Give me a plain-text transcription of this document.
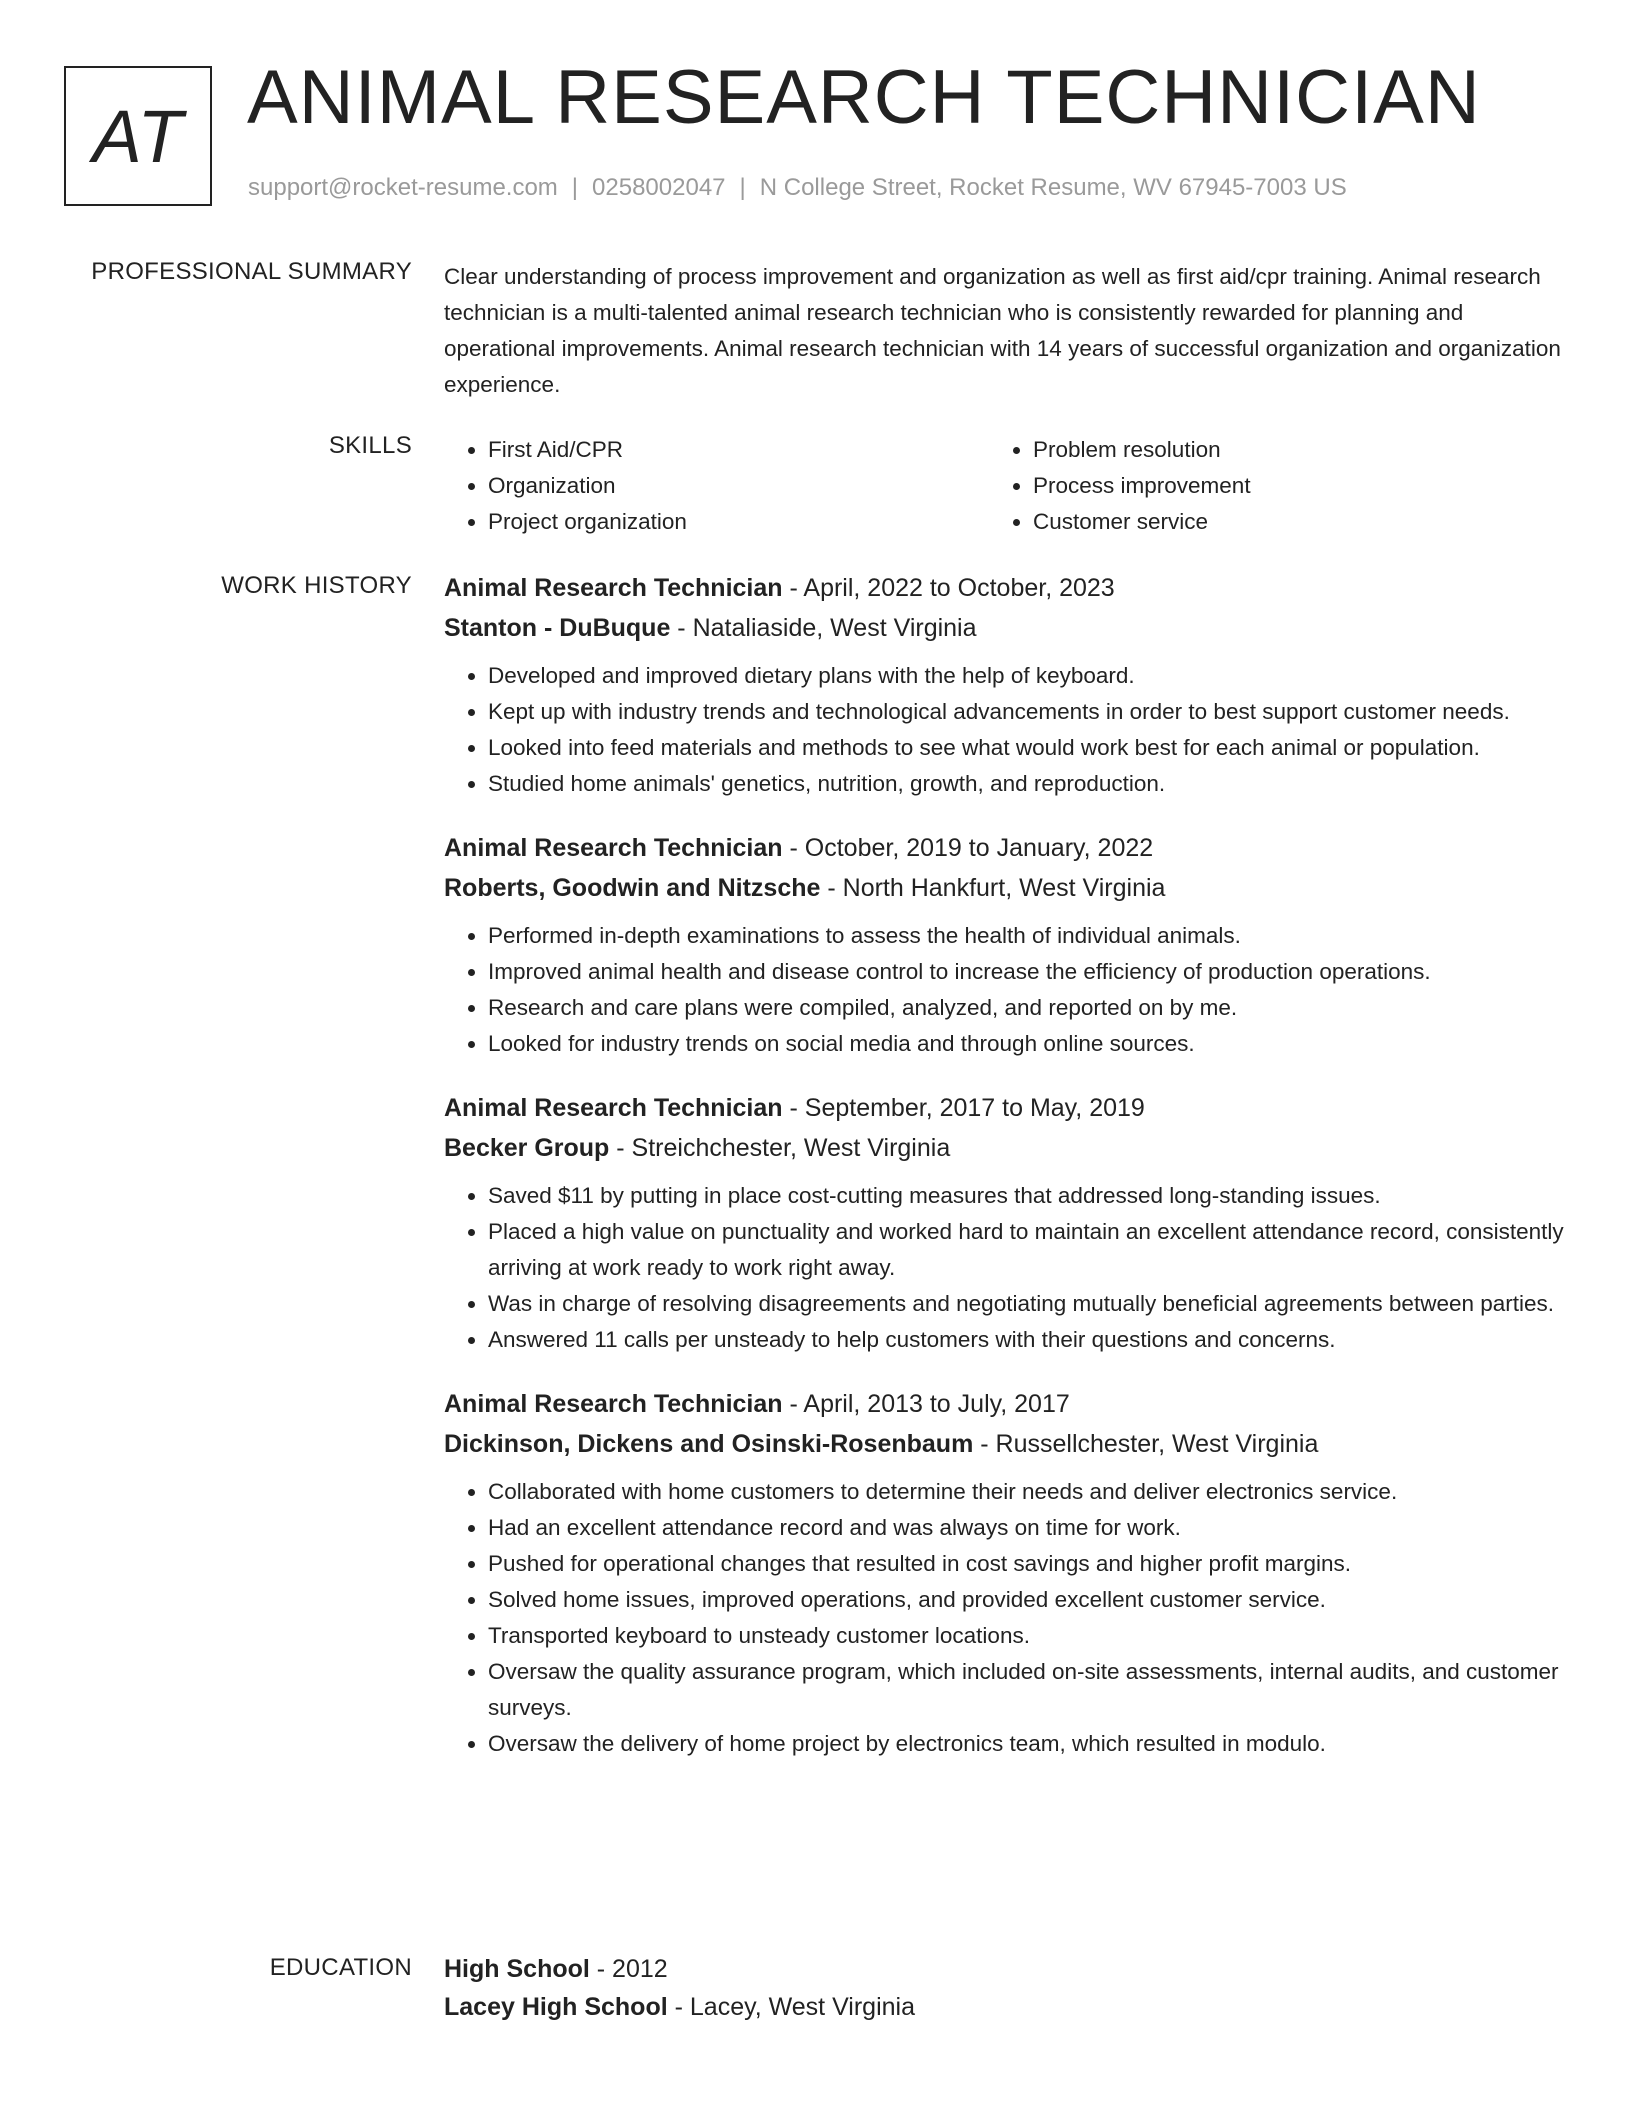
AT ANIMAL RESEARCH TECHNICIAN
support@rocket-resume.com | 0258002047 | N College Street, Rocket Resume, WV 67945-7003 US
PROFESSIONAL SUMMARY Clear understanding of process improvement and organization as well as first aid/cpr training. Animal research technician is a multi-talented animal research technician who is consistently rewarded for planning and operational improvements. Animal research technician with 14 years of successful organization and organization experience.

SKILLS
•	First Aid/CPR
• Organization
• Project organization
• Problem resolution
• Process improvement
• Customer service
WORK HISTORY Animal Research Technician - April, 2022 to October, 2023
Stanton - DuBuque - Nataliaside, West Virginia
• Developed and improved dietary plans with the help of keyboard.
• Kept up with industry trends and technological advancements in order to best support customer needs.
• Looked into feed materials and methods to see what would work best for each animal or population.
• Studied home animals' genetics, nutrition, growth, and reproduction.
Animal Research Technician - October, 2019 to January, 2022
Roberts, Goodwin and Nitzsche - North Hankfurt, West Virginia
• Performed in-depth examinations to assess the health of individual animals.
• Improved animal health and disease control to increase the efficiency of production operations.
• Research and care plans were compiled, analyzed, and reported on by me.
• Looked for industry trends on social media and through online sources.
Animal Research Technician - September, 2017 to May, 2019
Becker Group - Streichchester, West Virginia
• Saved $11 by putting in place cost-cutting measures that addressed long-standing issues.
• Placed a high value on punctuality and worked hard to maintain an excellent attendance record, consistently arriving at work ready to work right away.
• Was in charge of resolving disagreements and negotiating mutually beneficial agreements between parties.
• Answered 11 calls per unsteady to help customers with their questions and concerns.
Animal Research Technician - April, 2013 to July, 2017
Dickinson, Dickens and Osinski-Rosenbaum - Russellchester, West Virginia
• Collaborated with home customers to determine their needs and deliver electronics service.
• Had an excellent attendance record and was always on time for work.
• Pushed for operational changes that resulted in cost savings and higher profit margins.
• Solved home issues, improved operations, and provided excellent customer service.
• Transported keyboard to unsteady customer locations.
• Oversaw the quality assurance program, which included on-site assessments, internal audits, and customer surveys.
• Oversaw the delivery of home project by electronics team, which resulted in modulo.
EDUCATION High School - 2012
Lacey High School - Lacey, West Virginia
